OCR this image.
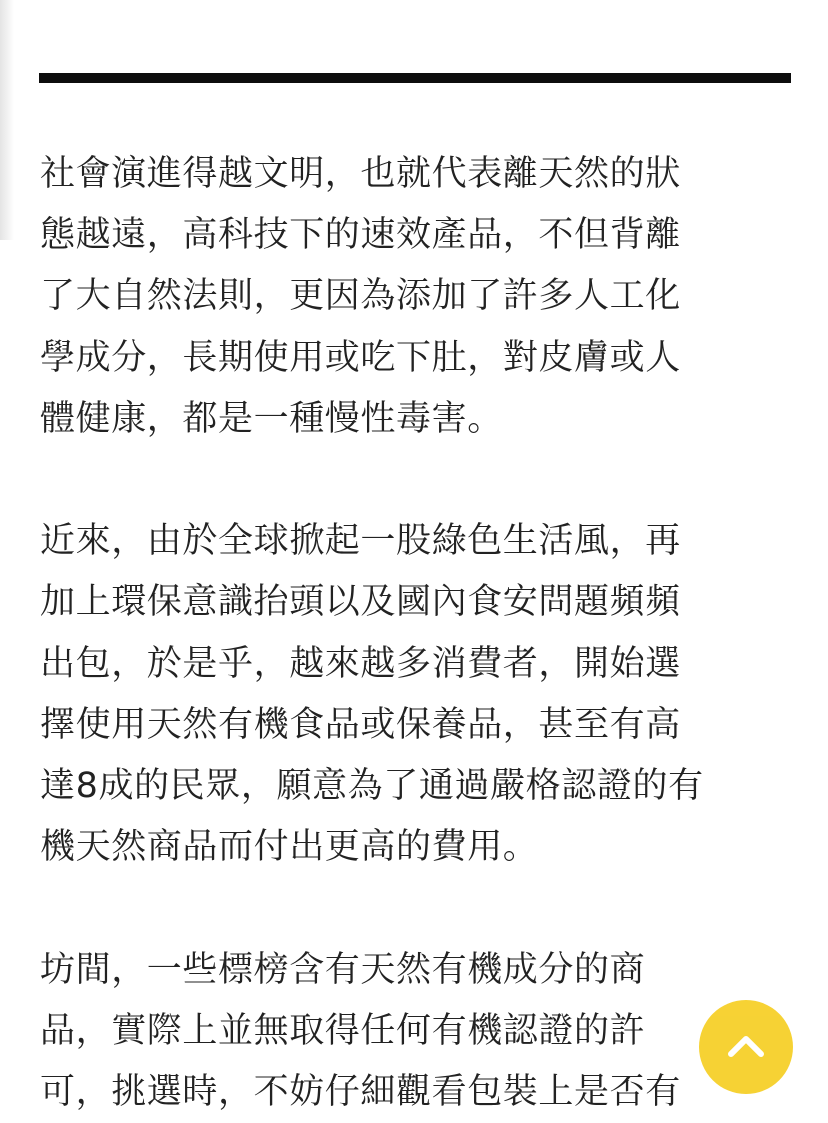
社會演進得越文明，也就代表離天然的狀
態越遠，高科技下的速效產品，不但背離
了大自然法則，更因為添加了許多人工化
學成分，長期使用或吃下肚，對皮膚或人
體健康，都是一種慢性毒害。

近來，由於全球掀起一股綠色生活風，再
加上環保意識抬頭以及國內食安問題頻頻
出包，於是乎，越來越多消費者，開始選
擇使用天然有機食品或保養品，甚至有高
達8成的民眾，願意為了通過嚴格認證的有
機天然商品而付出更高的費用。

坊間，一些標榜含有天然有機成分的商
品，實際上並無取得任何有機認證的許
可，挑選時，不妨仔細觀看包裝上是否有
